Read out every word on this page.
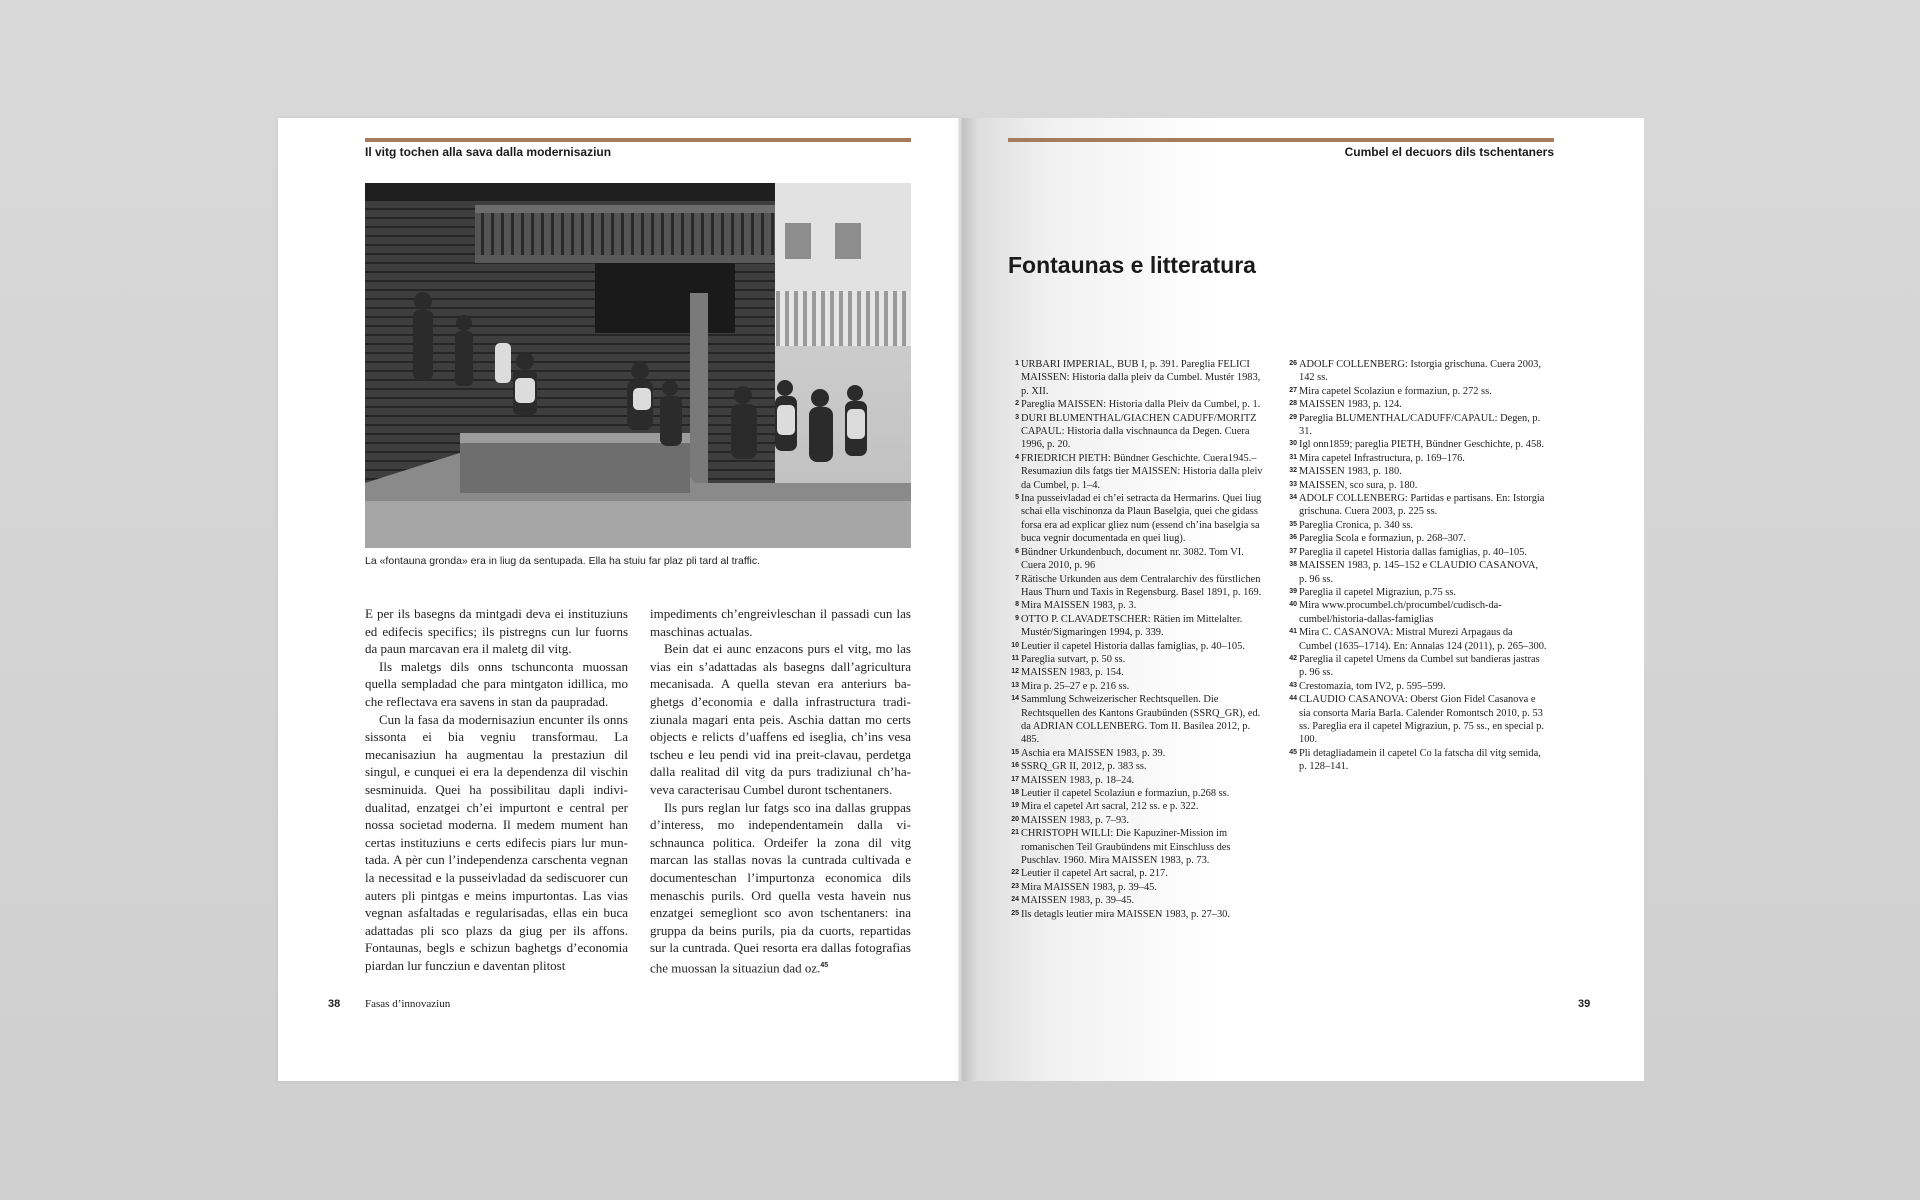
Il vitg tochen alla sava dalla modernisaziun
La «fontauna gronda» era in liug da sentupada. Ella ha stuiu far plaz pli tard al traffic.

E per ils basegns da mintgadi deva ei instituziuns ed edifecis specifics; ils pistregns cun lur fuorns da paun marcavan era il maletg dil vitg.

Ils maletgs dils onns tschunconta muossan quella sempladad che para mintgaton idillica, mo che reflectava era savens in stan da paupradad.

Cun la fasa da modernisaziun encunter ils onns sissonta ei bia vegniu transformau. La mecanisaziun ha augmentau la prestaziun dil singul, e cunquei ei era la dependenza dil vischin sesminuida. Quei ha possibilitau dapli individualitad, enzatgei ch’ei impurtont e central per nossa societad moderna. Il medem mument han certas instituziuns e certs edifecis piars lur muntada. A pèr cun l’independenza carschenta vegnan la necessitad e la pusseivladad da sediscuorer cun auters pli pintgas e meins impurtontas. Las vias vegnan asfaltadas e regularisadas, ellas ein buca adattadas pli sco plazs da giug per ils affons. Fontaunas, begls e schizun baghetgs d’economia piardan lur funcziun e daventan plitost

impediments ch’engreivleschan il passadi cun las maschinas actualas.

Bein dat ei aunc enzacons purs el vitg, mo las vias ein s’adattadas als basegns dall’agricultura mecanisada. A quella stevan era anteriurs baghetgs d’economia e dalla infrastructura tradiziunala magari enta peis. Aschia dattan mo certs objects e relicts d’uaffens ed iseglia, ch’ins vesa tscheu e leu pendi vid ina preit-clavau, perdetga dalla realitad dil vitg da purs tradiziunal ch’haveva caracterisau Cumbel duront tschentaners.

Ils purs reglan lur fatgs sco ina dallas gruppas d’interess, mo independentamein dalla vischnaunca politica. Ordeifer la zona dil vitg marcan las stallas novas la cuntrada cultivada e documenteschan l’impurtonza economica dils menaschis purils. Ord quella vesta havein nus enzatgei semegliont sco avon tschentaners: ina gruppa da beins purils, pia da cuorts, repartidas sur la cuntrada. Quei resorta era dallas fotografias che muossan la situaziun dad oz.$^{45}$

38 Fasas d’innovaziun
Cumbel el decuors dils tschentaners
Fontaunas e litteratura
1 URBARI IMPERIAL, BUB I, p. 391. Pareglia FELICI MAISSEN: Historia dalla pleiv da Cumbel. Mustér 1983, p. XII.
2 Pareglia MAISSEN: Historia dalla Pleiv da Cumbel, p. 1.
3 DURI BLUMENTHAL/GIACHEN CADUFF/MORITZ CAPAUL: Historia dalla vischnaunca da Degen. Cuera 1996, p. 20.
4 FRIEDRICH PIETH: Bündner Geschichte. Cuera1945.– Resumaziun dils fatgs tier MAISSEN: Historia dalla pleiv da Cumbel, p. 1–4.
5 Ina pusseivladad ei ch’ei setracta da Hermarins. Quei liug schai ella vischinonza da Plaun Baselgia, quei che gidass forsa era ad explicar gliez num (essend ch’ina baselgia sa buca vegnir documentada en quei liug).
6 Bündner Urkundenbuch, document nr. 3082. Tom VI. Cuera 2010, p. 96
7 Rätische Urkunden aus dem Centralarchiv des fürstlichen Haus Thurn und Taxis in Regensburg. Basel 1891, p. 169.
8 Mira MAISSEN 1983, p. 3.
9 OTTO P. CLAVADETSCHER: Rätien im Mittelalter. Mustér/Sigmaringen 1994, p. 339.
10 Leutier il capetel Historia dallas famiglias, p. 40–105.
11 Pareglia sutvart, p. 50 ss.
12 MAISSEN 1983, p. 154.
13 Mira p. 25–27 e p. 216 ss.
14 Sammlung Schweizerischer Rechtsquellen. Die Rechtsquellen des Kantons Graubünden (SSRQ_GR), ed. da ADRIAN COLLENBERG. Tom II. Basilea 2012, p. 485.
15 Aschia era MAISSEN 1983, p. 39.
16 SSRQ_GR II, 2012, p. 383 ss.
17 MAISSEN 1983, p. 18–24.
18 Leutier il capetel Scolaziun e formaziun, p.268 ss.
19 Mira el capetel Art sacral, 212 ss. e p. 322.
20 MAISSEN 1983, p. 7–93.
21 CHRISTOPH WILLI: Die Kapuziner-Mission im romanischen Teil Graubündens mit Einschluss des Puschlav. 1960. Mira MAISSEN 1983, p. 73.
22 Leutier il capetel Art sacral, p. 217.
23 Mira MAISSEN 1983, p. 39–45.
24 MAISSEN 1983, p. 39–45.
25 Ils detagls leutier mira MAISSEN 1983, p. 27–30.
26 ADOLF COLLENBERG: Istorgia grischuna. Cuera 2003, 142 ss.
27 Mira capetel Scolaziun e formaziun, p. 272 ss.
28 MAISSEN 1983, p. 124.
29 Pareglia BLUMENTHAL/CADUFF/CAPAUL: Degen, p. 31.
30 Igl onn1859; pareglia PIETH, Bündner Geschichte, p. 458.
31 Mira capetel Infrastructura, p. 169–176.
32 MAISSEN 1983, p. 180.
33 MAISSEN, sco sura, p. 180.
34 ADOLF COLLENBERG: Partidas e partisans. En: Istorgia grischuna. Cuera 2003, p. 225 ss.
35 Pareglia Cronica, p. 340 ss.
36 Pareglia Scola e formaziun, p. 268–307.
37 Pareglia il capetel Historia dallas famiglias, p. 40–105.
38 MAISSEN 1983, p. 145–152 e CLAUDIO CASANOVA, p. 96 ss.
39 Pareglia il capetel Migraziun, p.75 ss.
40 Mira www.procumbel.ch/procumbel/cudisch-da-cumbel/historia-dallas-famiglias
41 Mira C. CASANOVA: Mistral Murezi Arpagaus da Cumbel (1635–1714). En: Annalas 124 (2011), p. 265–300.
42 Pareglia il capetel Umens da Cumbel sut bandieras jastras p. 96 ss.
43 Crestomazia, tom IV2, p. 595–599.
44 CLAUDIO CASANOVA: Oberst Gion Fidel Casanova e sia consorta Maria Barla. Calender Romontsch 2010, p. 53 ss. Pareglia era il capetel Migraziun, p. 75 ss., en special p. 100.
45 Pli detagliadamein il capetel Co la fatscha dil vitg semida, p. 128–141.
39
